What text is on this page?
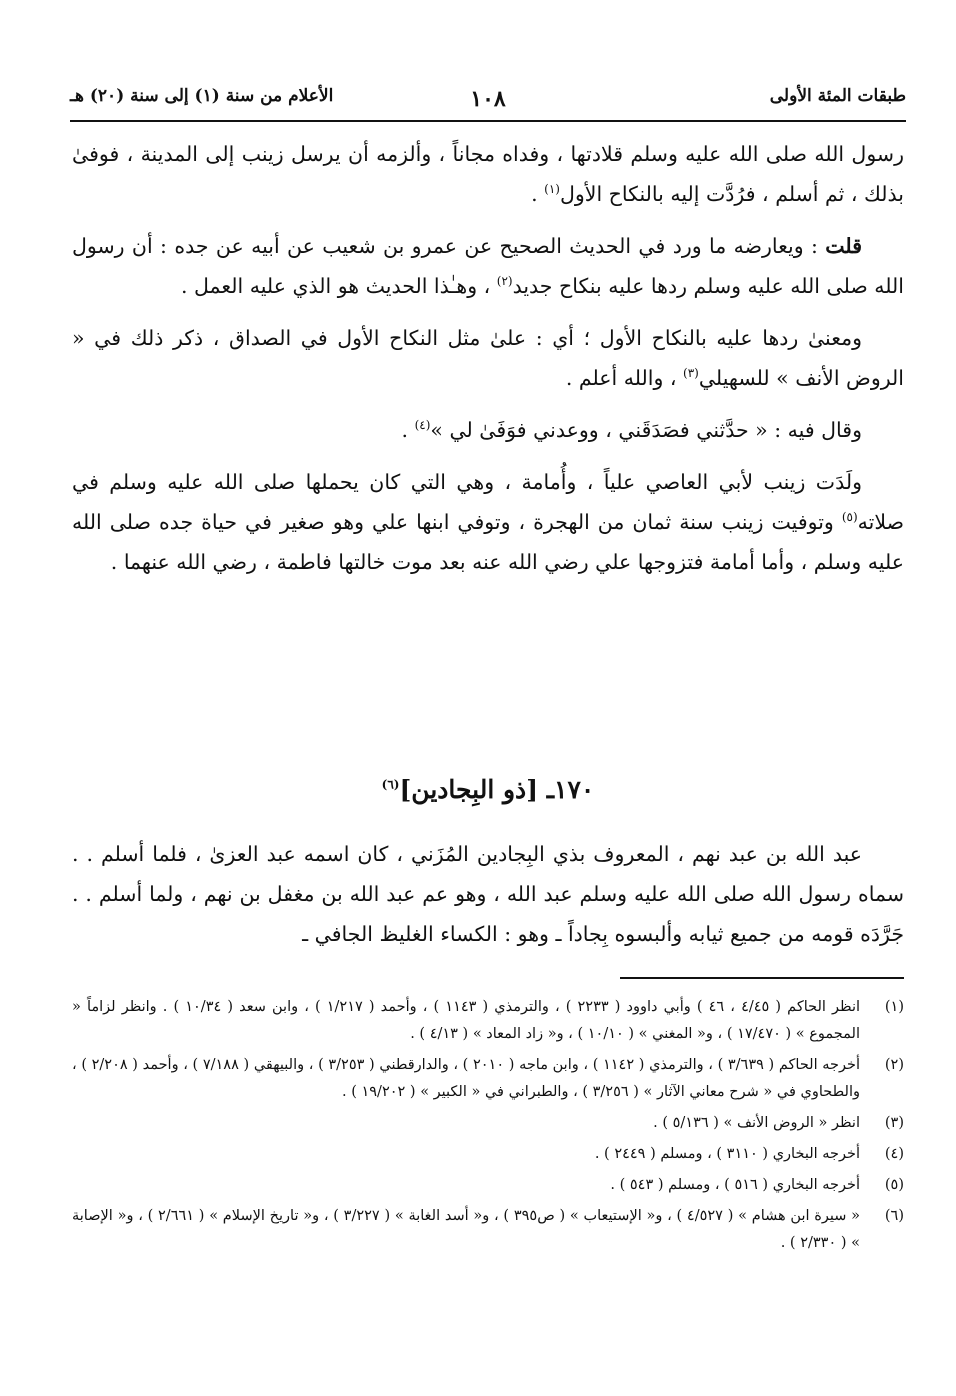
طبقات المئة الأولى
١٠٨
الأعلام من سنة (١) إلى سنة (٢٠) هـ

رسول الله صلى الله عليه وسلم قلادتها ، وفداه مجاناً ، وألزمه أن يرسل زينب إلى المدينة ، فوفىٰ بذلك ، ثم أسلم ، فرُدَّت إليه بالنكاح الأول$^{(١)}$ .

قلت : ويعارضه ما ورد في الحديث الصحيح عن عمرو بن شعيب عن أبيه عن جده : أن رسول الله صلى الله عليه وسلم ردها عليه بنكاح جديد$^{(٢)}$ ، وهـٰذا الحديث هو الذي عليه العمل .

ومعنىٰ ردها عليه بالنكاح الأول ؛ أي : علىٰ مثل النكاح الأول في الصداق ، ذكر ذلك في « الروض الأنف » للسهيلي$^{(٣)}$ ، والله أعلم .

وقال فيه : « حدَّثني فصَدَقَني ، ووعدني فوَفَىٰ لي »$^{(٤)}$ .

ولَدَت زينب لأبي العاصي علياً ، وأُمامة ، وهي التي كان يحملها صلى الله عليه وسلم في صلاته$^{(٥)}$ وتوفيت زينب سنة ثمان من الهجرة ، وتوفي ابنها علي وهو صغير في حياة جده صلى الله عليه وسلم ، وأما أمامة فتزوجها علي رضي الله عنه بعد موت خالتها فاطمة ، رضي الله عنهما .

١٧٠ـ [ذو البِجادين]$^{(٦)}$

عبد الله بن عبد نهم ، المعروف بذي البِجادين المُزَني ، كان اسمه عبد العزىٰ ، فلما أسلم . . سماه رسول الله صلى الله عليه وسلم عبد الله ، وهو عم عبد الله بن مغفل بن نهم ، ولما أسلم . . جَرَّدَه قومه من جميع ثيابه وألبسوه بِجاداً ـ وهو : الكساء الغليظ الجافي ـ

(١)
انظر الحاكم ( ٤/٤٥ ، ٤٦ ) وأبي داوود ( ٢٢٣٣ ) ، والترمذي ( ١١٤٣ ) ، وأحمد ( ١/٢١٧ ) ، وابن سعد ( ١٠/٣٤ ) . وانظر لزاماً « المجموع » ( ١٧/٤٧٠ ) ، و« المغني » ( ١٠/١٠ ) ، و« زاد المعاد » ( ٤/١٣ ) .
(٢)
أخرجه الحاكم ( ٣/٦٣٩ ) ، والترمذي ( ١١٤٢ ) ، وابن ماجه ( ٢٠١٠ ) ، والدارقطني ( ٣/٢٥٣ ) ، والبيهقي ( ٧/١٨٨ ) ، وأحمد ( ٢/٢٠٨ ) ، والطحاوي في « شرح معاني الآثار » ( ٣/٢٥٦ ) ، والطبراني في « الكبير » ( ١٩/٢٠٢ ) .
(٣)
انظر « الروض الأنف » ( ٥/١٣٦ ) .
(٤)
أخرجه البخاري ( ٣١١٠ ) ، ومسلم ( ٢٤٤٩ ) .
(٥)
أخرجه البخاري ( ٥١٦ ) ، ومسلم ( ٥٤٣ ) .
(٦)
« سيرة ابن هشام » ( ٤/٥٢٧ ) ، و« الإستيعاب » ( ص٣٩٥ ) ، و« أسد الغابة » ( ٣/٢٢٧ ) ، و« تاريخ الإسلام » ( ٢/٦٦١ ) ، و« الإصابة » ( ٢/٣٣٠ ) .
